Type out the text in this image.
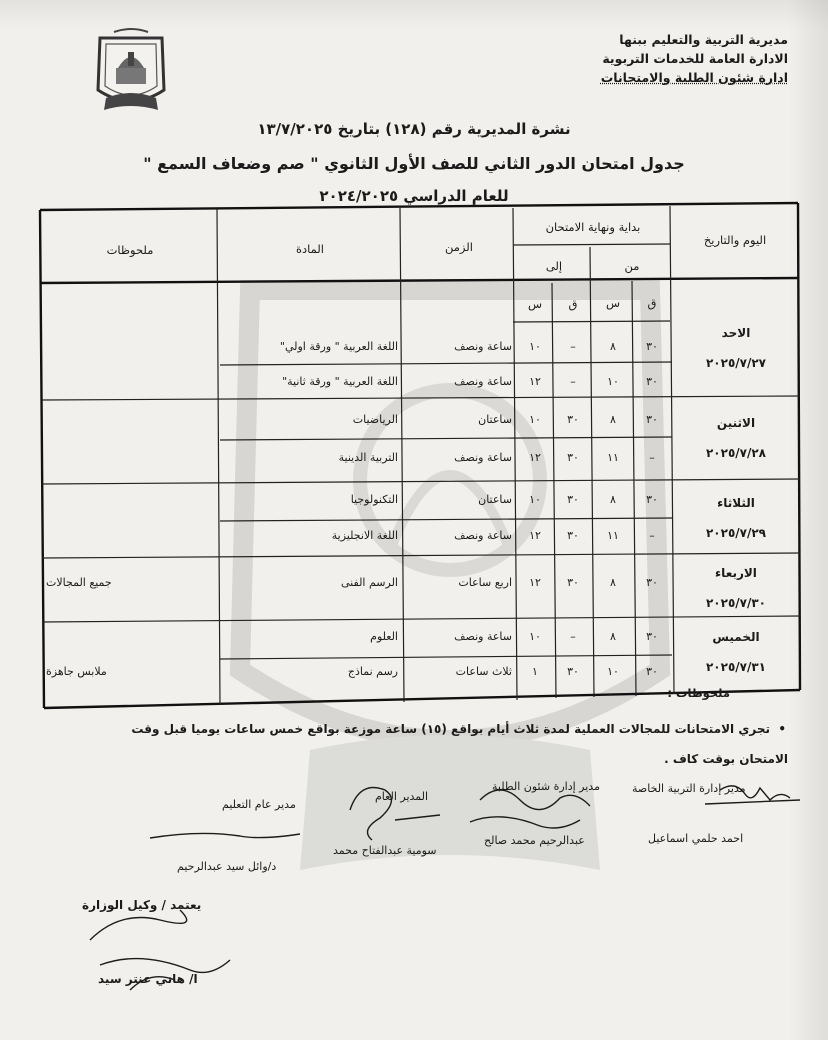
مديرية التربية والتعليم ببنها
الادارة العامة للخدمات التربوية
ادارة شئون الطلبة والامتحانات
نشرة المديرية رقم (١٢٨) بتاريخ ١٣/٧/٢٠٢٥
جدول امتحان الدور الثاني للصف الأول الثانوي " صم وضعاف السمع "
للعام الدراسي ٢٠٢٤/٢٠٢٥
اليوم والتاريخ
بداية ونهاية الامتحان
من
إلى
الزمن
المادة
ملحوظات
ق
س
ق
س
الاحد
٢٠٢٥/٧/٢٧
الاثنين
٢٠٢٥/٧/٢٨
الثلاثاء
٢٠٢٥/٧/٢٩
الاربعاء
٢٠٢٥/٧/٣٠
الخميس
٢٠٢٥/٧/٣١
٣٠
٨
–
١٠
ساعة ونصف
اللغة العربية " ورقة اولي"
٣٠
١٠
–
١٢
ساعة ونصف
اللغة العربية " ورقة ثانية"
٣٠
٨
٣٠
١٠
ساعتان
الرياضيات
–
١١
٣٠
١٢
ساعة ونصف
التربية الدينية
٣٠
٨
٣٠
١٠
ساعتان
التكنولوجيا
–
١١
٣٠
١٢
ساعة ونصف
اللغة الانجليزية
٣٠
٨
٣٠
١٢
اربع ساعات
الرسم الفنى
جميع المجالات
٣٠
٨
–
١٠
ساعة ونصف
العلوم
٣٠
١٠
٣٠
١
ثلاث ساعات
رسم نماذج
ملابس جاهزة
ملحوظات :
•  تجري الامتحانات للمجالات العملية لمدة ثلاث أيام بواقع (١٥) ساعة موزعة بواقع خمس ساعات يوميا قبل وقت
الامتحان بوقت كاف .
مدير إدارة التربية الخاصة
مدير إدارة شئون الطلبة
المدير العام
مدير عام التعليم
احمد حلمي اسماعيل
عبدالرحيم محمد صالح
سومية عبدالفتاح محمد
د/وائل سيد عبدالرحيم
يعتمد / وكيل الوزارة
ا/ هاني عنتر سيد
